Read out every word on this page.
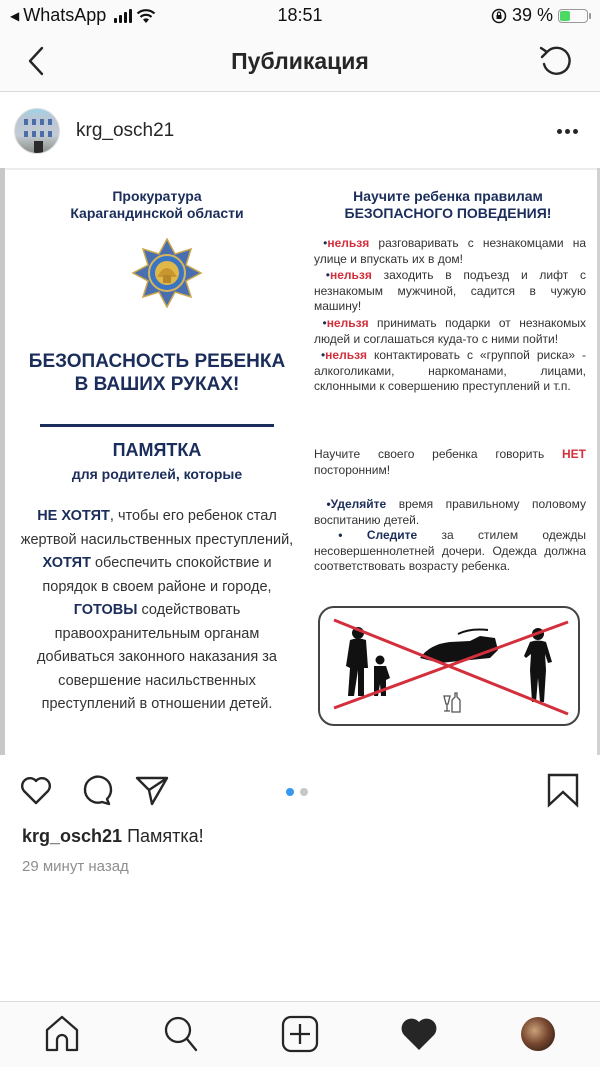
◀ WhatsApp	18:51	39 %
Публикация
krg_osch21
Прокуратура
Карагандинской области
БЕЗОПАСНОСТЬ РЕБЕНКА
В ВАШИХ РУКАХ!
ПАМЯТКА
для родителей, которые
НЕ ХОТЯТ, чтобы его ребенок стал жертвой насильственных преступлений,
ХОТЯТ обеспечить спокойствие и порядок в своем районе и городе,
ГОТОВЫ содействовать правоохранительным органам добиваться законного наказания за совершение насильственных преступлений в отношении детей.
Научите ребенка правилам
БЕЗОПАСНОГО ПОВЕДЕНИЯ!

•нельзя разговаривать с незнакомцами на улице и впускать их в дом!

•нельзя заходить в подъезд и лифт с незнакомым мужчиной, садится в чужую машину!

•нельзя принимать подарки от незнакомых людей и соглашаться куда-то с ними пойти!

•нельзя контактировать с «группой риска» - алкоголиками, наркоманами, лицами, склонными к совершению преступлений и т.п.

Научите своего ребенка говорить НЕТ посторонним!

•Уделяйте время правильному половому воспитанию детей.

• Следите за стилем одежды несовершеннолетней дочери. Одежда должна соответствовать возрасту ребенка.

krg_osch21 Памятка!
29 минут назад
